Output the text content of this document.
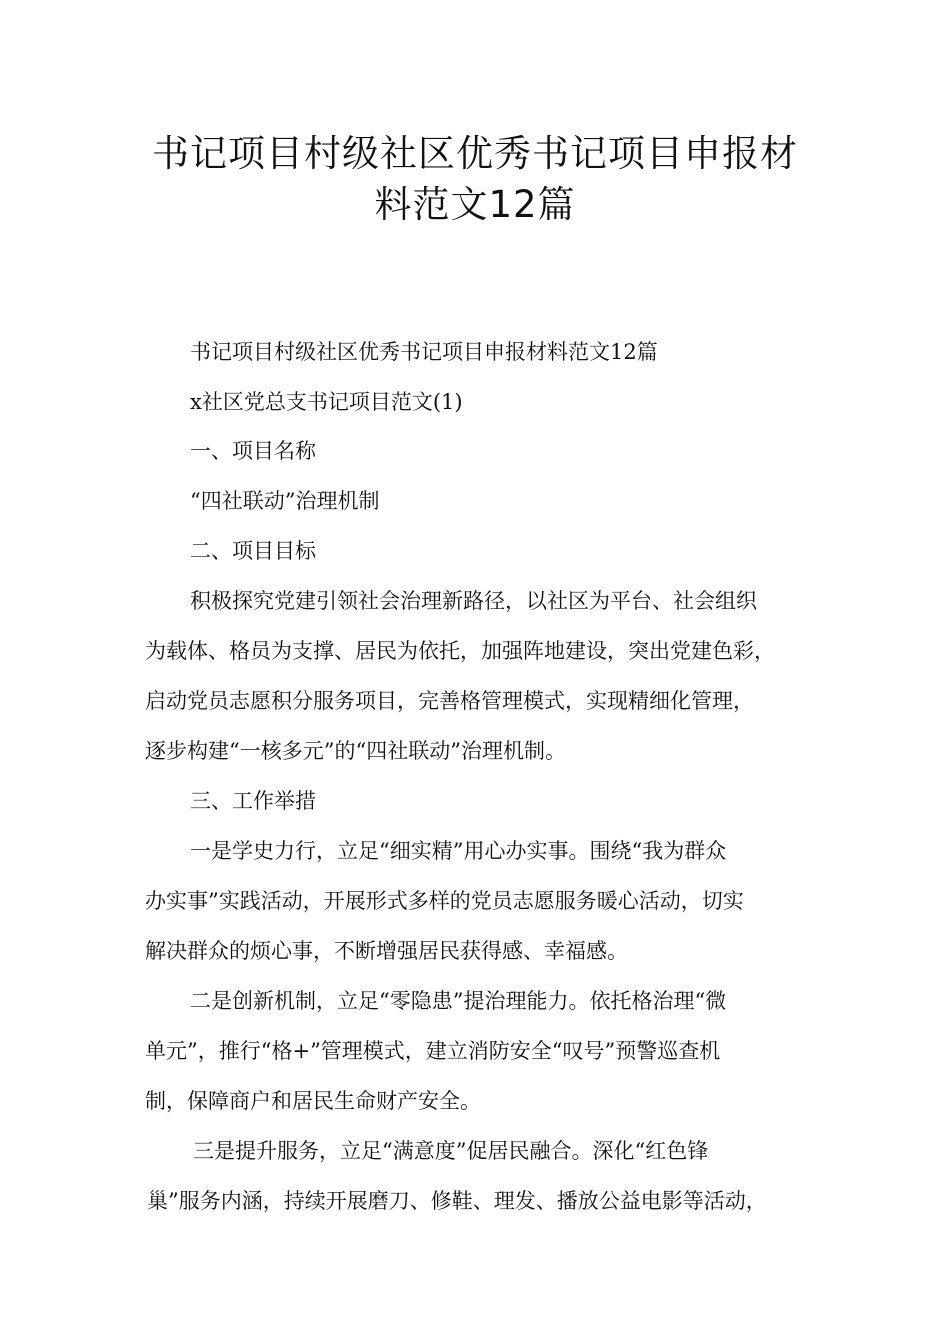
书记项目村级社区优秀书记项目申报材
料范文12篇

书记项目村级社区优秀书记项目申报材料范文12篇

x社区党总支书记项目范文(1)

一、项目名称

“四社联动”治理机制

二、项目目标

积极探究党建引领社会治理新路径，以社区为平台、社会组织

为载体、格员为支撑、居民为依托，加强阵地建设，突出党建色彩，

启动党员志愿积分服务项目，完善格管理模式，实现精细化管理，

逐步构建“一核多元”的“四社联动”治理机制。

三、工作举措

一是学史力行，立足“细实精”用心办实事。围绕“我为群众

办实事”实践活动，开展形式多样的党员志愿服务暖心活动，切实

解决群众的烦心事，不断增强居民获得感、幸福感。

二是创新机制，立足“零隐患”提治理能力。依托格治理“微

单元”，推行“格+”管理模式，建立消防安全“叹号”预警巡查机

制，保障商户和居民生命财产安全。

三是提升服务，立足“满意度”促居民融合。深化“红色锋

巢”服务内涵，持续开展磨刀、修鞋、理发、播放公益电影等活动，
